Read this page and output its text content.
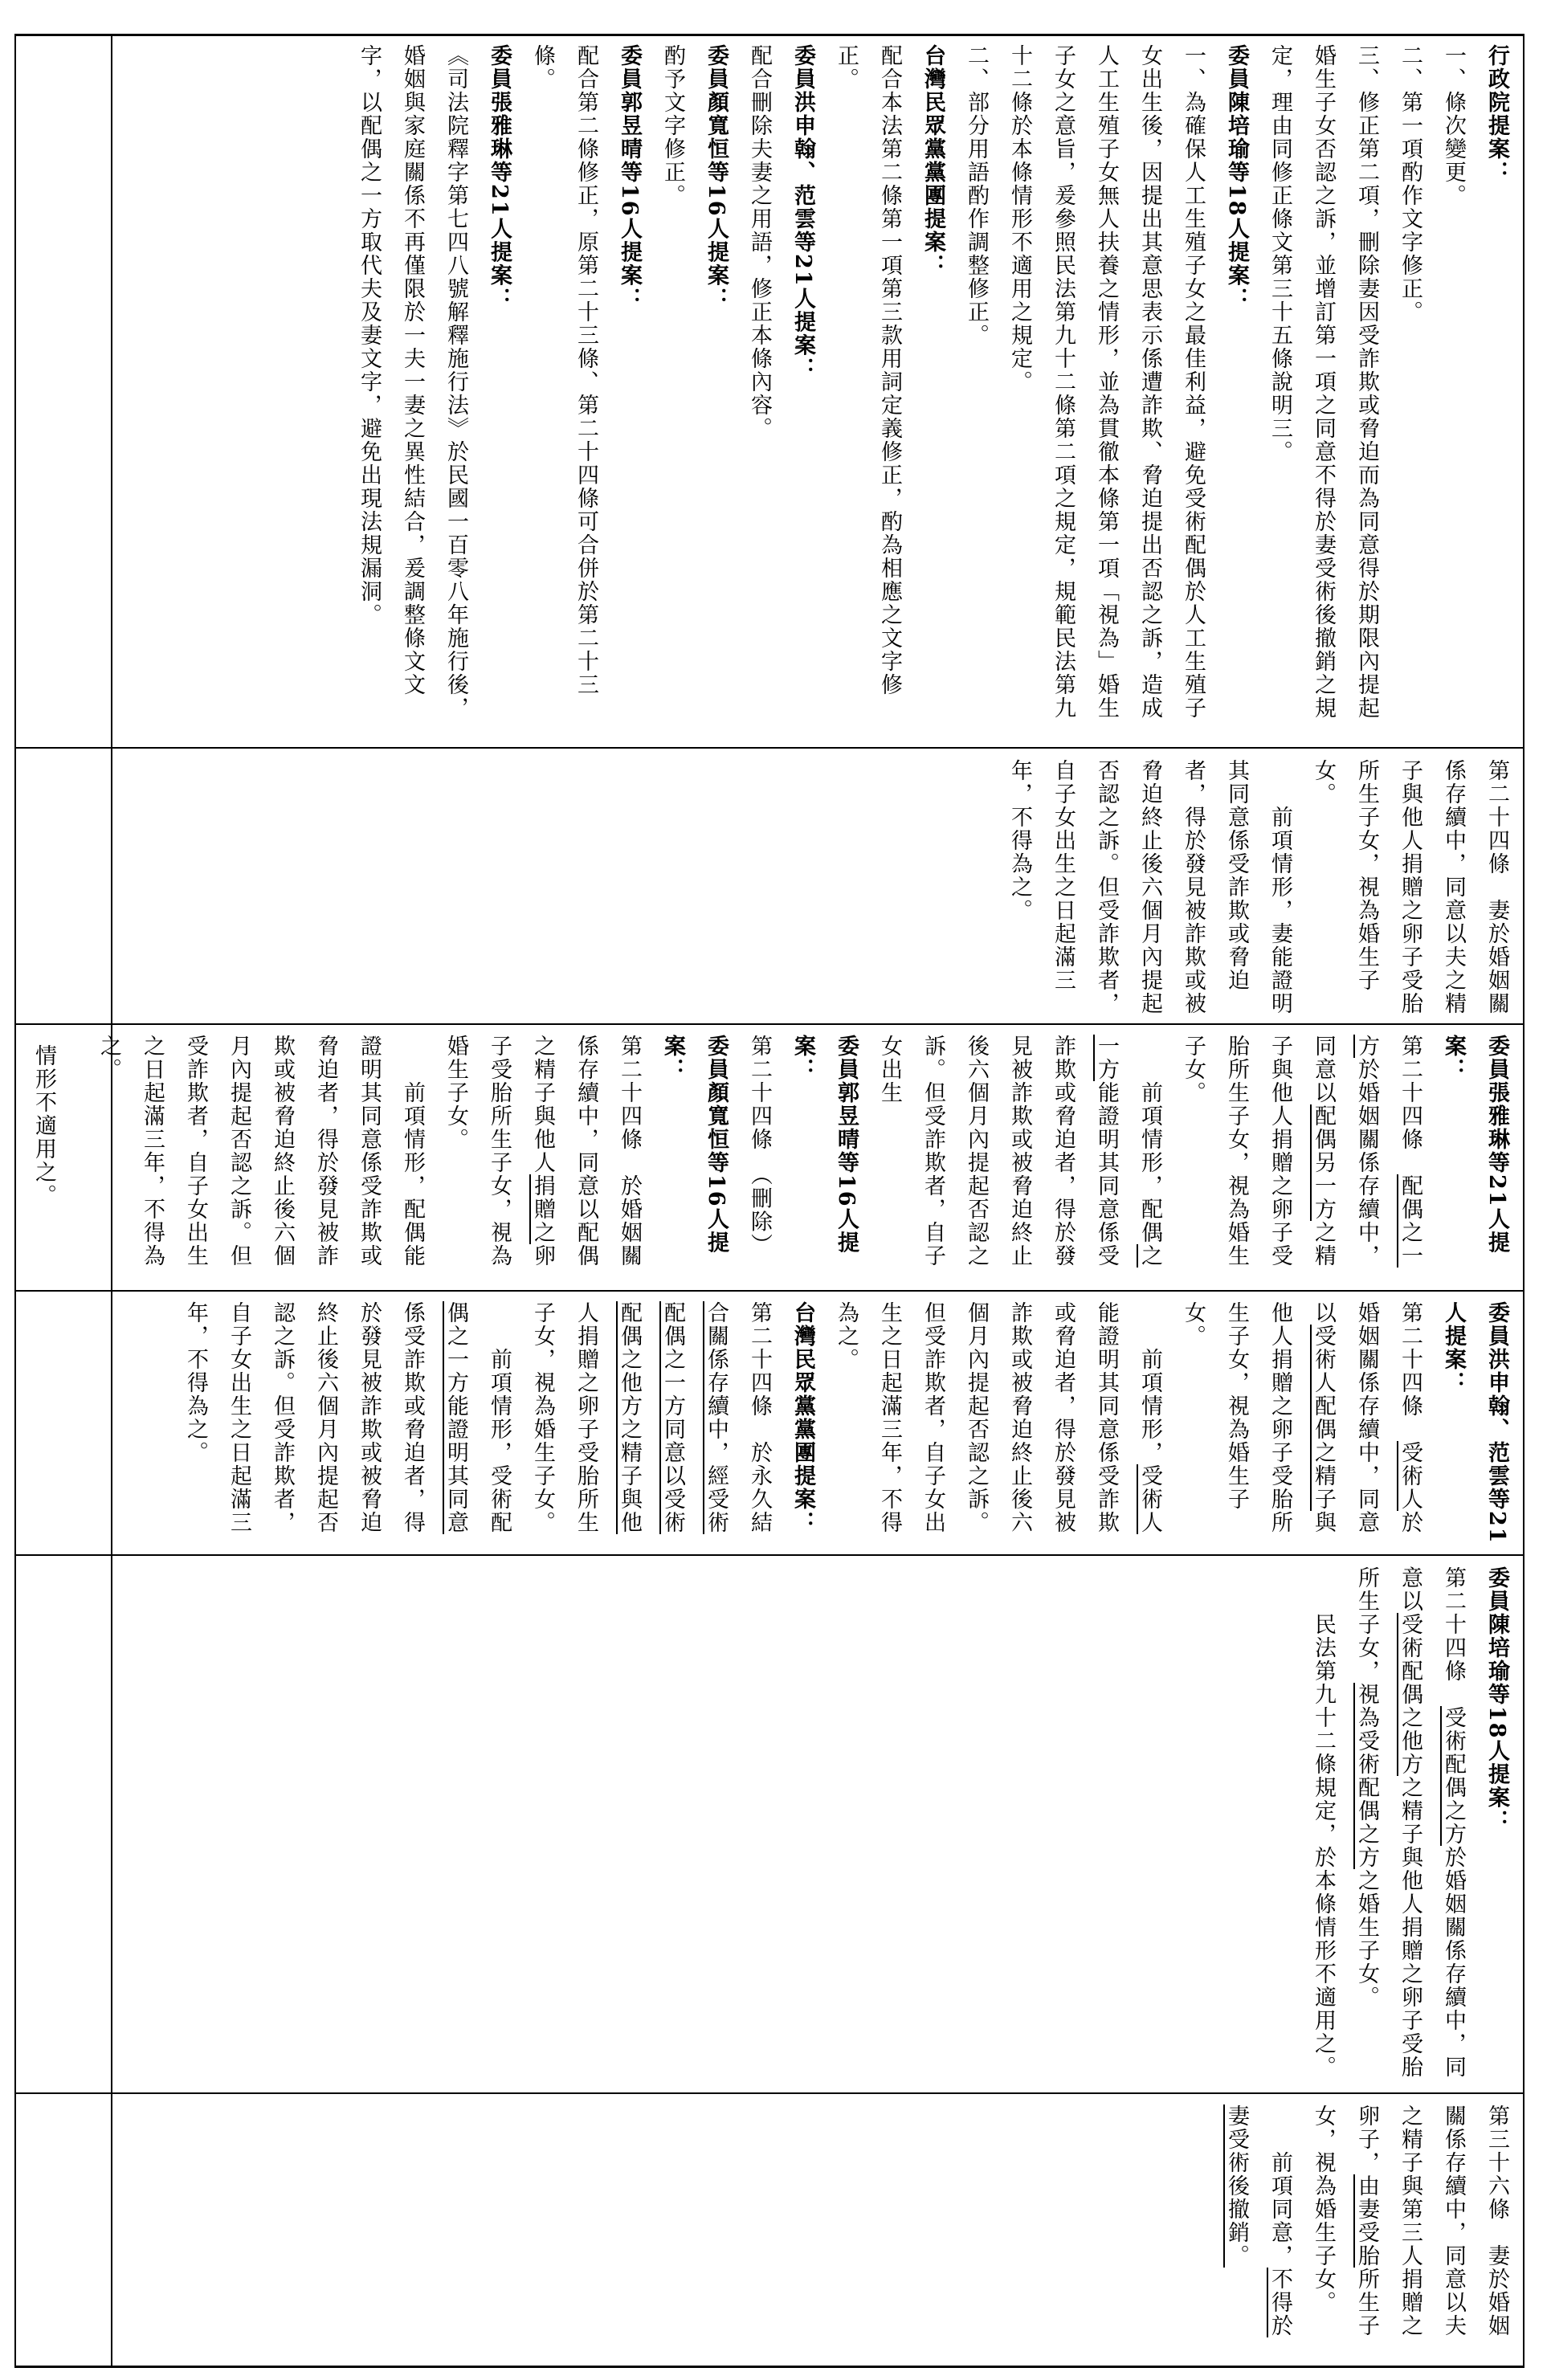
情形不適用之。
行政院提案：
一、條次變更。
二、第一項酌作文字修正。
三、修正第二項，刪除妻因受詐欺或脅迫而為同意得於期限內提起婚生子女否認之訴，並增訂第一項之同意不得於妻受術後撤銷之規定，理由同修正條文第三十五條說明三。
委員陳培瑜等18人提案：
一、為確保人工生殖子女之最佳利益，避免受術配偶於人工生殖子女出生後，因提出其意思表示係遭詐欺、脅迫提出否認之訴，造成人工生殖子女無人扶養之情形，並為貫徹本條第一項「視為」婚生子女之意旨，爰參照民法第九十二條第二項之規定，規範民法第九十二條於本條情形不適用之規定。
二、部分用語酌作調整修正。
台灣民眾黨黨團提案：
配合本法第二條第一項第三款用詞定義修正，酌為相應之文字修正。
委員洪申翰、范雲等21人提案：
配合刪除夫妻之用語，修正本條內容。
委員顏寬恒等16人提案：
酌予文字修正。
委員郭昱晴等16人提案：
配合第二條修正，原第二十三條、第二十四條可合併於第二十三條。
委員張雅琳等21人提案：
《司法院釋字第七四八號解釋施行法》於民國一百零八年施行後，婚姻與家庭關係不再僅限於一夫一妻之異性結合，爰調整條文文字，以配偶之一方取代夫及妻文字，避免出現法規漏洞。
第二十四條　妻於婚姻關係存續中，同意以夫之精子與他人捐贈之卵子受胎所生子女，視為婚生子女。
　　前項情形，妻能證明其同意係受詐欺或脅迫者，得於發見被詐欺或被脅迫終止後六個月內提起否認之訴。但受詐欺者，自子女出生之日起滿三年，不得為之。
委員張雅琳等21人提案：
第二十四條　配偶之一方於婚姻關係存續中，同意以配偶另一方之精子與他人捐贈之卵子受胎所生子女，視為婚生子女。
　　前項情形，配偶之一方能證明其同意係受詐欺或脅迫者，得於發見被詐欺或被脅迫終止後六個月內提起否認之訴。但受詐欺者，自子女出生
委員郭昱晴等16人提案：
第二十四條　（刪除）
委員顏寬恒等16人提案：
第二十四條　於婚姻關係存續中，同意以配偶之精子與他人捐贈之卵子受胎所生子女，視為婚生子女。
　　前項情形，配偶能證明其同意係受詐欺或脅迫者，得於發見被詐欺或被脅迫終止後六個月內提起否認之訴。但受詐欺者，自子女出生之日起滿三年，不得為之。
委員洪申翰、范雲等21人提案：
第二十四條　受術人於婚姻關係存續中，同意以受術人配偶之精子與他人捐贈之卵子受胎所生子女，視為婚生子女。
　　前項情形，受術人能證明其同意係受詐欺或脅迫者，得於發見被詐欺或被脅迫終止後六個月內提起否認之訴。但受詐欺者，自子女出生之日起滿三年，不得為之。
台灣民眾黨黨團提案：
第二十四條　於永久結合關係存續中，經受術配偶之一方同意以受術配偶之他方之精子與他人捐贈之卵子受胎所生子女，視為婚生子女。
　　前項情形，受術配偶之一方能證明其同意係受詐欺或脅迫者，得於發見被詐欺或被脅迫終止後六個月內提起否認之訴。但受詐欺者，自子女出生之日起滿三年，不得為之。
委員陳培瑜等18人提案：
第二十四條　受術配偶之方於婚姻關係存續中，同意以受術配偶之他方之精子與他人捐贈之卵子受胎所生子女，視為受術配偶之方之婚生子女。
　　民法第九十二條規定，於本條情形不適用之。
第三十六條　妻於婚姻關係存續中，同意以夫之精子與第三人捐贈之卵子，由妻受胎所生子女，視為婚生子女。
　　前項同意，不得於妻受術後撤銷。
